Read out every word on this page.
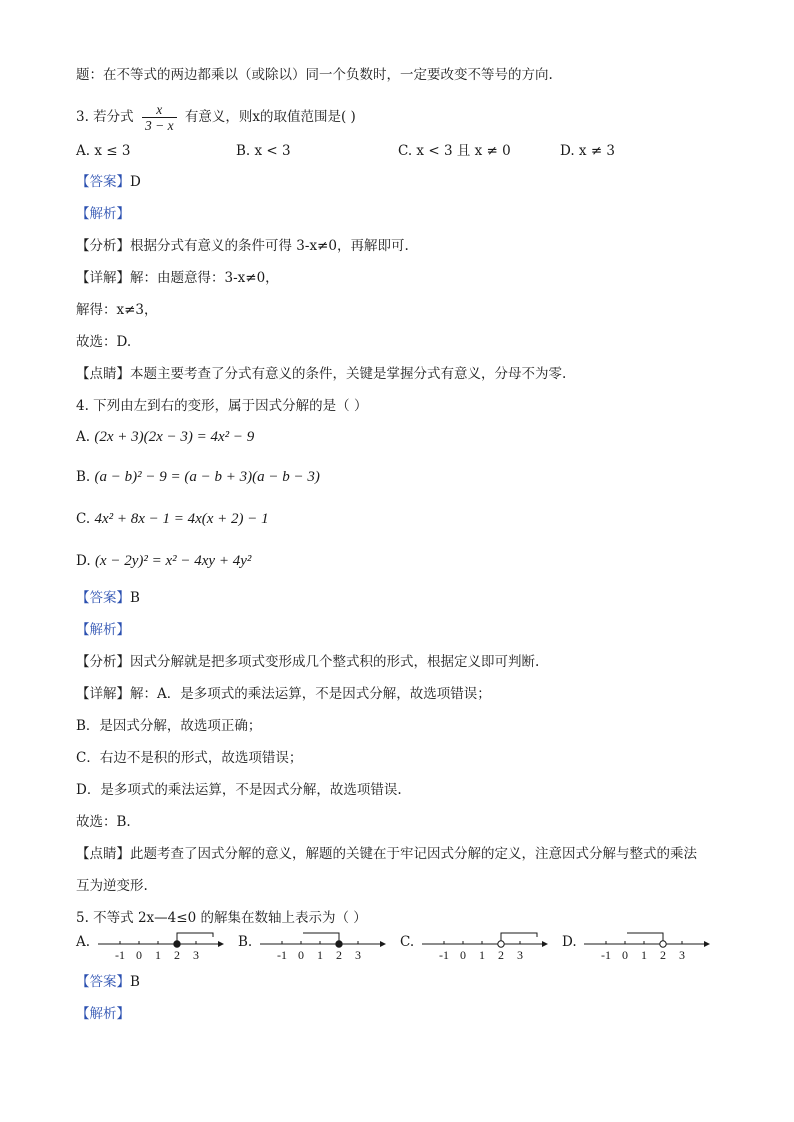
题：在不等式的两边都乘以（或除以）同一个负数时，一定要改变不等号的方向.
3. 若分式 $\frac{x}{3 - x}$ 有意义，则x的取值范围是( )
A. x ≤ 3	B. x < 3	C. x < 3 且 x ≠ 0	D. x ≠ 3
【答案】D
【解析】
【分析】根据分式有意义的条件可得 3-x≠0，再解即可.
【详解】解：由题意得：3-x≠0，
解得：x≠3，
故选：D.
【点睛】本题主要考查了分式有意义的条件，关键是掌握分式有意义，分母不为零.
4. 下列由左到右的变形，属于因式分解的是（ ）
A. (2x + 3)(2x − 3) = 4x² − 9
B. (a − b)² − 9 = (a − b + 3)(a − b − 3)
C. 4x² + 8x − 1 = 4x(x + 2) − 1
D. (x − 2y)² = x² − 4xy + 4y²
【答案】B
【解析】
【分析】因式分解就是把多项式变形成几个整式积的形式，根据定义即可判断.
【详解】解：A．是多项式的乘法运算，不是因式分解，故选项错误；
B．是因式分解，故选项正确；
C．右边不是积的形式，故选项错误；
D．是多项式的乘法运算，不是因式分解，故选项错误.
故选：B.
【点睛】此题考查了因式分解的意义，解题的关键在于牢记因式分解的定义，注意因式分解与整式的乘法
互为逆变形.
5. 不等式 2x—4≤0 的解集在数轴上表示为（ ）
A.
-1 0 1 2 3
B.
-1 0 1 2 3
C.
-1 0 1 2 3
D.
-1 0 1 2 3
【答案】B
【解析】
